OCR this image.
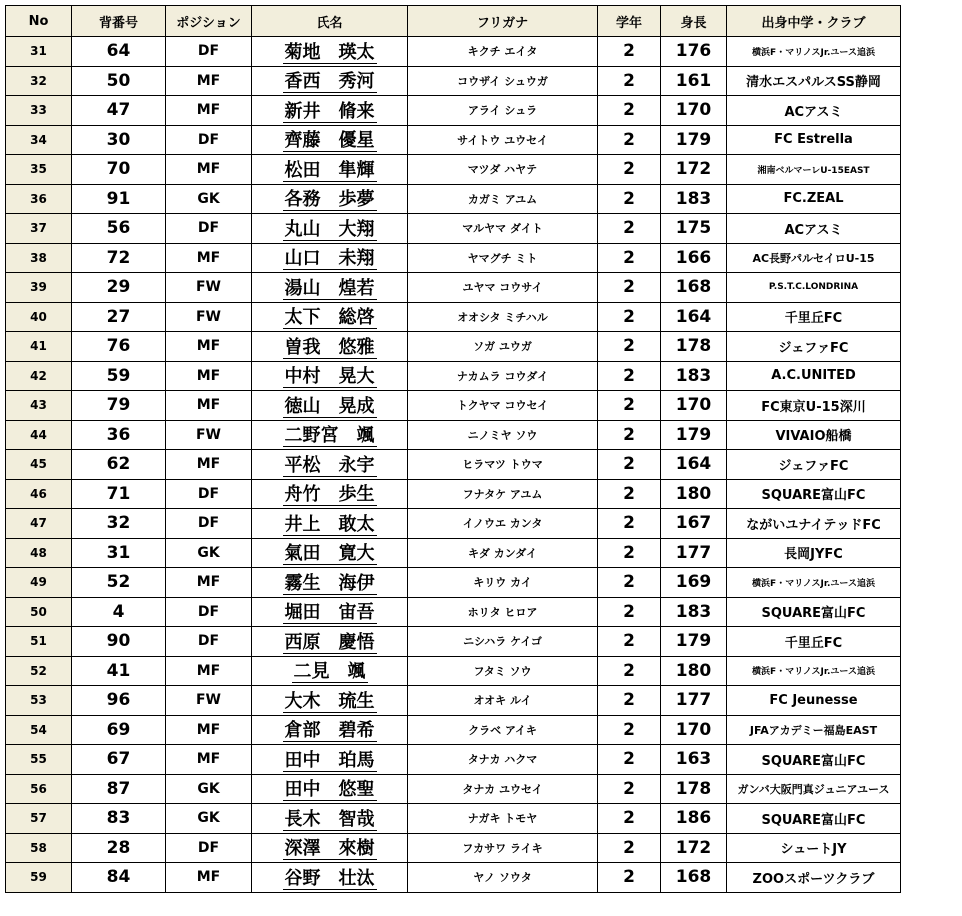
No	背番号	ポジション	氏名	フリガナ	学年	身長	出身中学・クラブ
31	64	DF	菊地　瑛太	キクチ エイタ	2	176	横浜F・マリノスJr.ユース追浜
32	50	MF	香西　秀河	コウザイ シュウガ	2	161	清水エスパルスSS静岡
33	47	MF	新井　脩来	アライ シュラ	2	170	ACアスミ
34	30	DF	齊藤　優星	サイトウ ユウセイ	2	179	FC Estrella
35	70	MF	松田　隼輝	マツダ ハヤテ	2	172	湘南ベルマーレU-15EAST
36	91	GK	各務　歩夢	カガミ アユム	2	183	FC.ZEAL
37	56	DF	丸山　大翔	マルヤマ ダイト	2	175	ACアスミ
38	72	MF	山口　未翔	ヤマグチ ミト	2	166	AC長野パルセイロU-15
39	29	FW	湯山　煌若	ユヤマ コウサイ	2	168	P.S.T.C.LONDRINA
40	27	FW	太下　総啓	オオシタ ミチハル	2	164	千里丘FC
41	76	MF	曽我　悠雅	ソガ ユウガ	2	178	ジェファFC
42	59	MF	中村　晃大	ナカムラ コウダイ	2	183	A.C.UNITED
43	79	MF	徳山　晃成	トクヤマ コウセイ	2	170	FC東京U-15深川
44	36	FW	二野宮　颯	ニノミヤ ソウ	2	179	VIVAIO船橋
45	62	MF	平松　永宇	ヒラマツ トウマ	2	164	ジェファFC
46	71	DF	舟竹　歩生	フナタケ アユム	2	180	SQUARE富山FC
47	32	DF	井上　敢太	イノウエ カンタ	2	167	ながいユナイテッドFC
48	31	GK	氣田　寛大	キダ カンダイ	2	177	長岡JYFC
49	52	MF	霧生　海伊	キリウ カイ	2	169	横浜F・マリノスJr.ユース追浜
50	4	DF	堀田　宙吾	ホリタ ヒロア	2	183	SQUARE富山FC
51	90	DF	西原　慶悟	ニシハラ ケイゴ	2	179	千里丘FC
52	41	MF	二見　颯	フタミ ソウ	2	180	横浜F・マリノスJr.ユース追浜
53	96	FW	大木　琉生	オオキ ルイ	2	177	FC Jeunesse
54	69	MF	倉部　碧希	クラベ アイキ	2	170	JFAアカデミー福島EAST
55	67	MF	田中　珀馬	タナカ ハクマ	2	163	SQUARE富山FC
56	87	GK	田中　悠聖	タナカ ユウセイ	2	178	ガンバ大阪門真ジュニアユース
57	83	GK	長木　智哉	ナガキ トモヤ	2	186	SQUARE富山FC
58	28	DF	深澤　來樹	フカサワ ライキ	2	172	シュートJY
59	84	MF	谷野　壮汰	ヤノ ソウタ	2	168	ZOOスポーツクラブ
